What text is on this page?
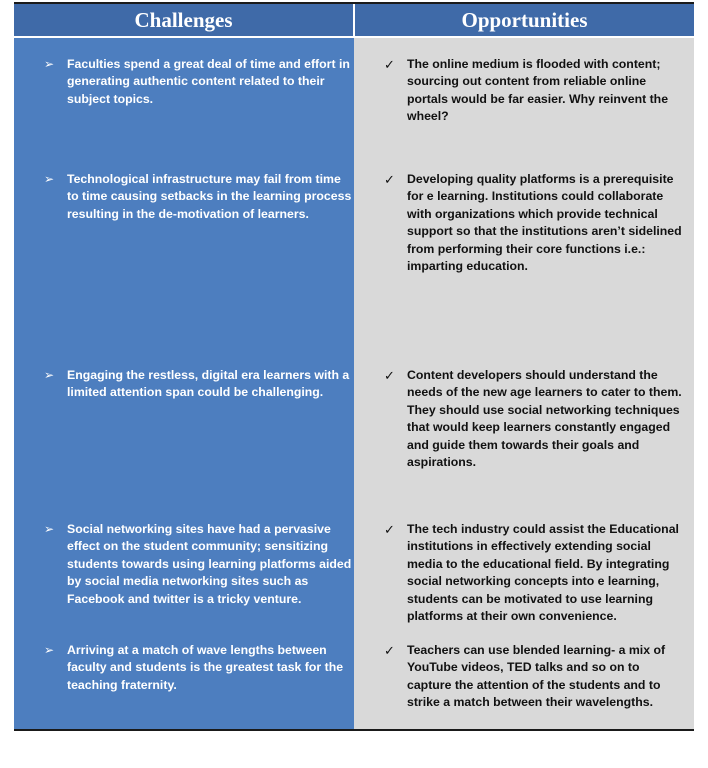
Challenges	Opportunities
➢ Faculties spend a great deal of time and effort in generating authentic content related to their subject topics.
✓ The online medium is flooded with content; sourcing out content from reliable online portals would be far easier. Why reinvent the wheel?
➢ Technological infrastructure may fail from time to time causing setbacks in the learning process resulting in the de-motivation of learners.
✓ Developing quality platforms is a prerequisite for e learning. Institutions could collaborate with organizations which provide technical support so that the institutions aren’t sidelined from performing their core functions i.e.: imparting education.
➢ Engaging the restless, digital era learners with a limited attention span could be challenging.
✓ Content developers should understand the needs of the new age learners to cater to them. They should use social networking techniques that would keep learners constantly engaged and guide them towards their goals and aspirations.
➢ Social networking sites have had a pervasive effect on the student community; sensitizing students towards using learning platforms aided by social media networking sites such as Facebook and twitter is a tricky venture.
✓ The tech industry could assist the Educational institutions in effectively extending social media to the educational field. By integrating social networking concepts into e learning, students can be motivated to use learning platforms at their own convenience.
➢ Arriving at a match of wave lengths between faculty and students is the greatest task for the teaching fraternity.
✓ Teachers can use blended learning- a mix of YouTube videos, TED talks and so on to capture the attention of the students and to strike a match between their wavelengths.
